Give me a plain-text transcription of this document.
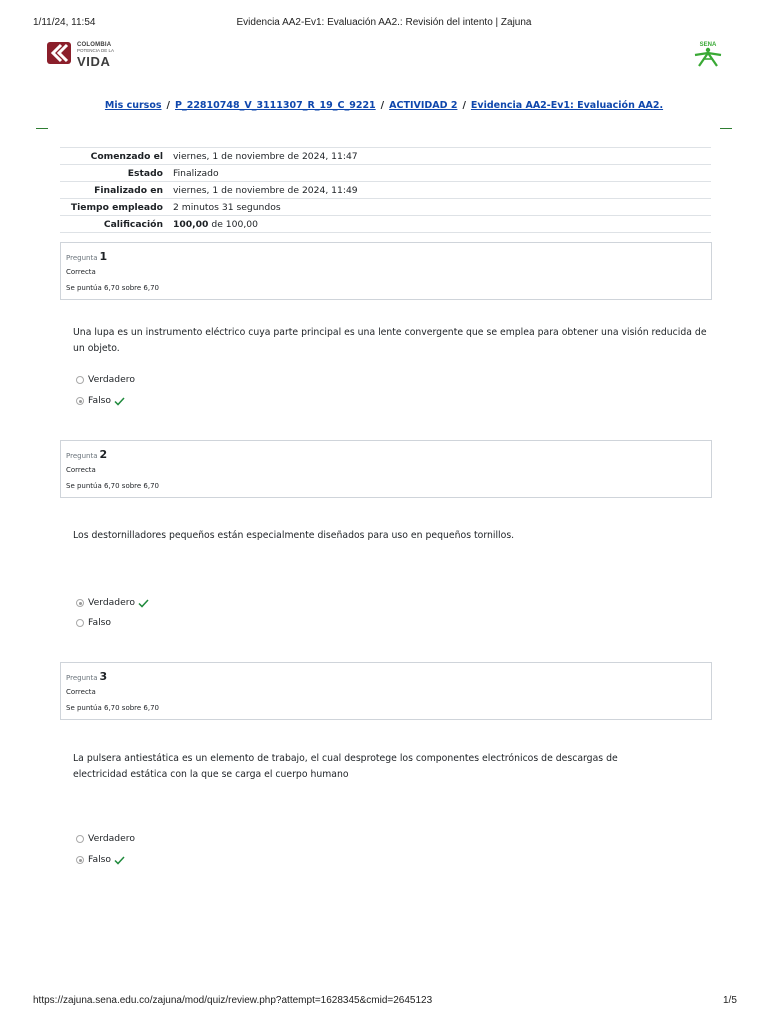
1/11/24, 11:54	Evidencia AA2-Ev1: Evaluación AA2.: Revisión del intento | Zajuna
COLOMBIA
POTENCIA DE LA
VIDA
SENA
Mis cursos / P_22810748_V_3111307_R_19_C_9221 / ACTIVIDAD 2 / Evidencia AA2-Ev1: Evaluación AA2.
Comenzado el	viernes, 1 de noviembre de 2024, 11:47
Estado	Finalizado
Finalizado en	viernes, 1 de noviembre de 2024, 11:49
Tiempo empleado	2 minutos 31 segundos
Calificación	100,00 de 100,00
Pregunta 1
Correcta
Se puntúa 6,70 sobre 6,70
Una lupa es un instrumento eléctrico cuya parte principal es una lente convergente que se emplea para obtener una visión reducida de un objeto.
Verdadero
Falso
Pregunta 2
Correcta
Se puntúa 6,70 sobre 6,70
Los destornilladores pequeños están especialmente diseñados para uso en pequeños tornillos.
Verdadero
Falso
Pregunta 3
Correcta
Se puntúa 6,70 sobre 6,70
La pulsera antiestática es un elemento de trabajo, el cual desprotege los componentes electrónicos de descargas de electricidad estática con la que se carga el cuerpo humano
Verdadero
Falso
https://zajuna.sena.edu.co/zajuna/mod/quiz/review.php?attempt=1628345&cmid=2645123	1/5
